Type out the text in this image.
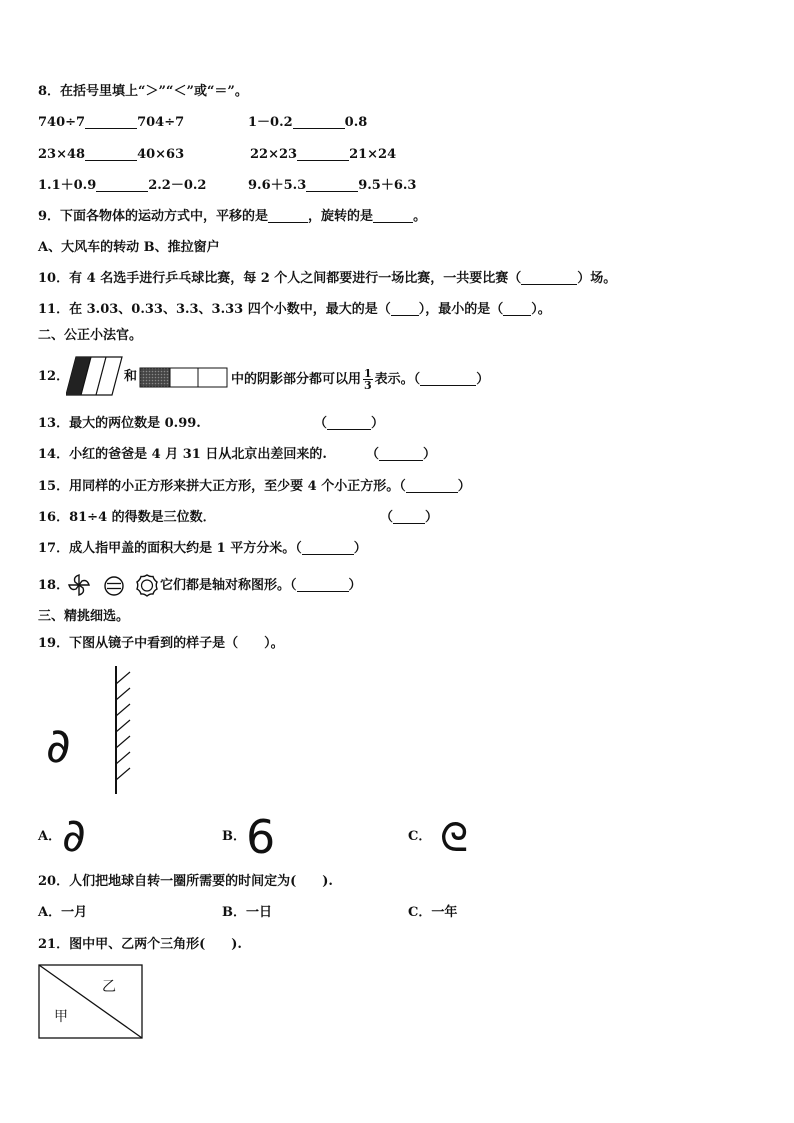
8．在括号里填上“＞”“＜”或“＝”。
740÷7	704÷7	1－0.2	0.8
23×48	40×63	22×23	21×24
1.1＋0.9	2.2－0.2	9.6＋5.3	9.5＋6.3
9．下面各物体的运动方式中，平移的是	，旋转的是	。
A、大风车的转动 B、推拉窗户
10．有 4 名选手进行乒乓球比赛，每 2 个人之间都要进行一场比赛，一共要比赛（	）场。
11．在 3.03、0.33、3.3、3.33 四个小数中，最大的是（ ），最小的是（ ）。
二、公正小法官。
12．	和	中的阴影部分都可以用 $\frac{1}{3}$ 表示。（	）
13．最大的两位数是 0.99.	（	）
14．小红的爸爸是 4 月 31 日从北京出差回来的.	（	）
15．用同样的小正方形来拼大正方形，至少要 4 个小正方形。（	）
16．81÷4 的得数是三位数．	（ ）
17．成人指甲盖的面积大约是 1 平方分米。（	）
18．	它们都是轴对称图形。（	）
三、精挑细选。
19．下图从镜子中看到的样子是（　　）。
∂
A． ∂	B． 6	C． ᘓ
20．人们把地球自转一圈所需要的时间定为(　　).
A．一月	B．一日	C．一年
21．图中甲、乙两个三角形(　　).
乙
甲
